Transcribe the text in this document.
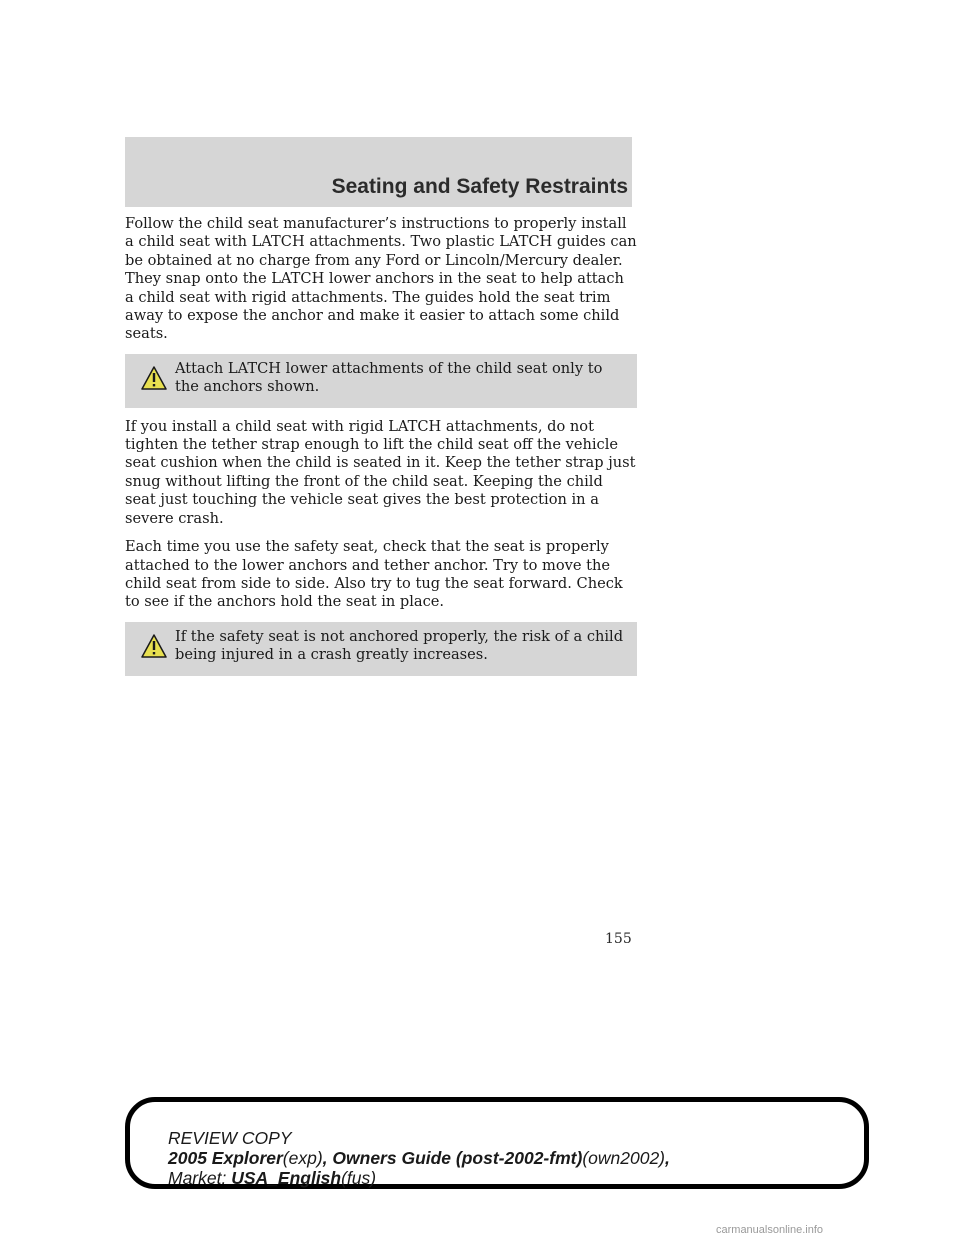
Seating and Safety Restraints

Follow the child seat manufacturer’s instructions to properly install a child seat with LATCH attachments. Two plastic LATCH guides can be obtained at no charge from any Ford or Lincoln/Mercury dealer. They snap onto the LATCH lower anchors in the seat to help attach a child seat with rigid attachments. The guides hold the seat trim away to expose the anchor and make it easier to attach some child seats.

Attach LATCH lower attachments of the child seat only to the anchors shown.

If you install a child seat with rigid LATCH attachments, do not tighten the tether strap enough to lift the child seat off the vehicle seat cushion when the child is seated in it. Keep the tether strap just snug without lifting the front of the child seat. Keeping the child seat just touching the vehicle seat gives the best protection in a severe crash.

Each time you use the safety seat, check that the seat is properly attached to the lower anchors and tether anchor. Try to move the child seat from side to side. Also try to tug the seat forward. Check to see if the anchors hold the seat in place.

If the safety seat is not anchored properly, the risk of a child being injured in a crash greatly increases.

155
REVIEW COPY
2005 Explorer(exp), Owners Guide (post-2002-fmt)(own2002),
Market: USA_English(fus)
carmanualsonline.info
